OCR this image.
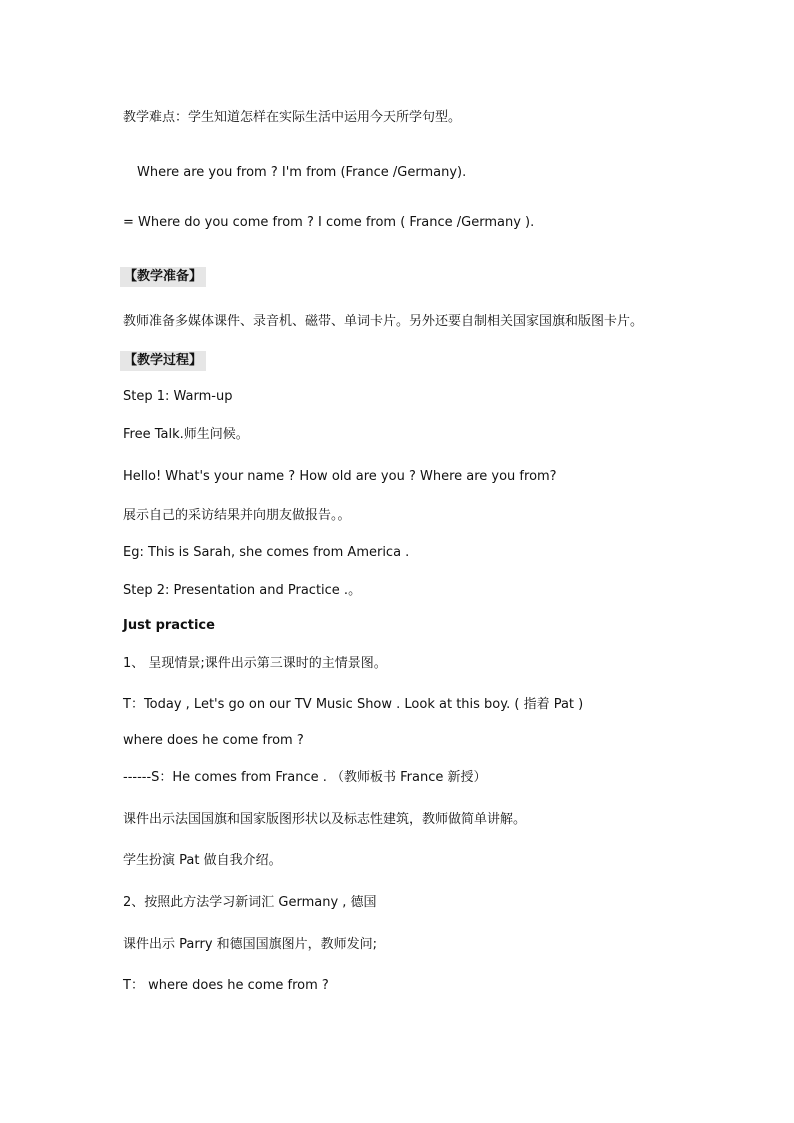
教学难点：学生知道怎样在实际生活中运用今天所学句型。
Where are you from ? I'm from (France /Germany).
= Where do you come from ? I come from ( France /Germany ).
【教学准备】
教师准备多媒体课件、录音机、磁带、单词卡片。另外还要自制相关国家国旗和版图卡片。
【教学过程】
Step 1: Warm-up
Free Talk.师生问候。
Hello! What's your name ? How old are you ? Where are you from?
展示自己的采访结果并向朋友做报告。。
Eg: This is Sarah, she comes from America .
Step 2: Presentation and Practice .。
Just practice
1、 呈现情景;课件出示第三课时的主情景图。
T：Today , Let's go on our TV Music Show . Look at this boy. ( 指着 Pat )
where does he come from ?
------S：He comes from France . （教师板书 France 新授）
课件出示法国国旗和国家版图形状以及标志性建筑，教师做简单讲解。
学生扮演 Pat 做自我介绍。
2、按照此方法学习新词汇 Germany , 德国
课件出示 Parry 和德国国旗图片，教师发问;
T： where does he come from ?
